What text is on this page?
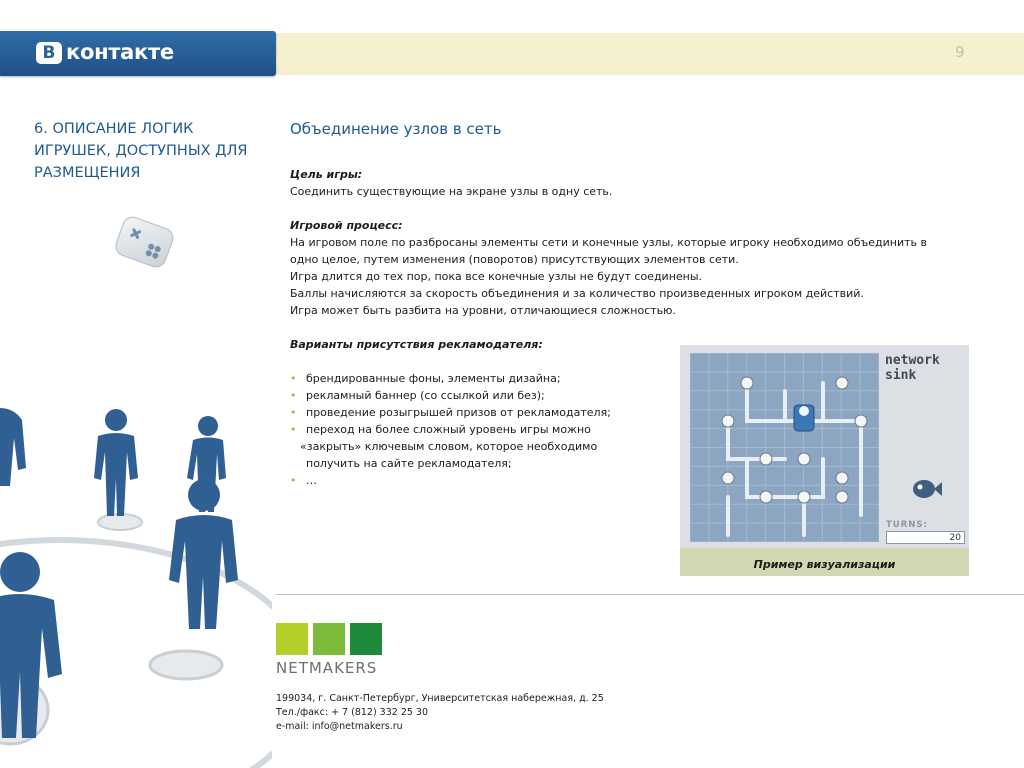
В контакте	9
6. ОПИСАНИЕ ЛОГИК ИГРУШЕК, ДОСТУПНЫХ ДЛЯ РАЗМЕЩЕНИЯ
Объединение узлов в сеть
Цель игры:
Соединить существующие на экране узлы в одну сеть.
Игровой процесс:
На игровом поле по разбросаны элементы сети и конечные узлы, которые игроку необходимо объединить в
одно целое, путем изменения (поворотов) присутствующих элементов сети.
Игра длится до тех пор, пока все конечные узлы не будут соединены.
Баллы начисляются за скорость объединения и за количество произведенных игроком действий.
Игра может быть разбита на уровни, отличающиеся сложностью.
Варианты присутствия рекламодателя:
• брендированные фоны, элементы дизайна;
• рекламный баннер (со ссылкой или без);
• проведение розыгрышей призов от рекламодателя;
• переход на более сложный уровень игры можно
«закрыть» ключевым словом, которое необходимо
получить на сайте рекламодателя;
• …
network sink
TURNS:
20
Пример визуализации
NETMAKERS
199034, г. Санкт-Петербург, Университетская набережная, д. 25
Тел./факс: + 7 (812) 332 25 30
e-mail: info@netmakers.ru
